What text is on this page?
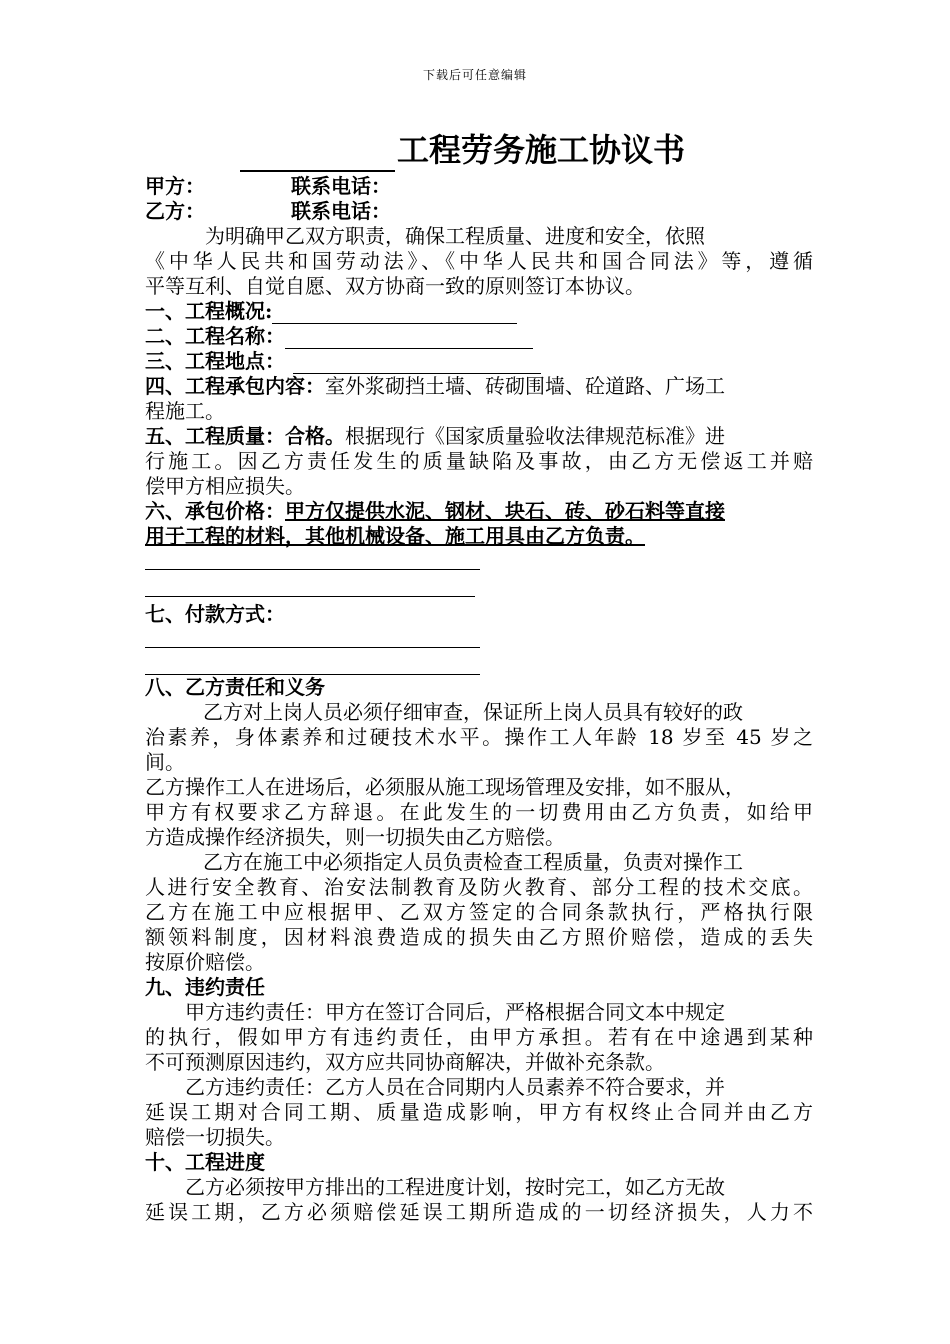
下载后可任意编辑
工程劳务施工协议书
甲方：	联系电话：
乙方：	联系电话：
为明确甲乙双方职责，确保工程质量、进度和安全，依照
《中华人民共和国劳动法》、《中华人民共和国合同法》等，遵循
平等互利、自觉自愿、双方协商一致的原则签订本协议。
一、工程概况:
二、工程名称：
三、工程地点：
四、工程承包内容：室外浆砌挡土墙、砖砌围墙、砼道路、广场工
程施工。
五、工程质量：合格。根据现行《国家质量验收法律规范标准》进
行施工。因乙方责任发生的质量缺陷及事故，由乙方无偿返工并赔
偿甲方相应损失。
六、承包价格：甲方仅提供水泥、钢材、块石、砖、砂石料等直接
用于工程的材料，其他机械设备、施工用具由乙方负责。
七、付款方式：
八、乙方责任和义务
乙方对上岗人员必须仔细审查，保证所上岗人员具有较好的政
治素养，身体素养和过硬技术水平。操作工人年龄 18 岁至 45 岁之
间。
乙方操作工人在进场后，必须服从施工现场管理及安排，如不服从，
甲方有权要求乙方辞退。在此发生的一切费用由乙方负责，如给甲
方造成操作经济损失，则一切损失由乙方赔偿。
乙方在施工中必须指定人员负责检查工程质量，负责对操作工
人进行安全教育、治安法制教育及防火教育、部分工程的技术交底。
乙方在施工中应根据甲、乙双方签定的合同条款执行，严格执行限
额领料制度，因材料浪费造成的损失由乙方照价赔偿，造成的丢失
按原价赔偿。
九、违约责任
甲方违约责任：甲方在签订合同后，严格根据合同文本中规定
的执行，假如甲方有违约责任，由甲方承担。若有在中途遇到某种
不可预测原因违约，双方应共同协商解决，并做补充条款。
乙方违约责任：乙方人员在合同期内人员素养不符合要求，并
延误工期对合同工期、质量造成影响，甲方有权终止合同并由乙方
赔偿一切损失。
十、工程进度
乙方必须按甲方排出的工程进度计划，按时完工，如乙方无故
延误工期，乙方必须赔偿延误工期所造成的一切经济损失，人力不
